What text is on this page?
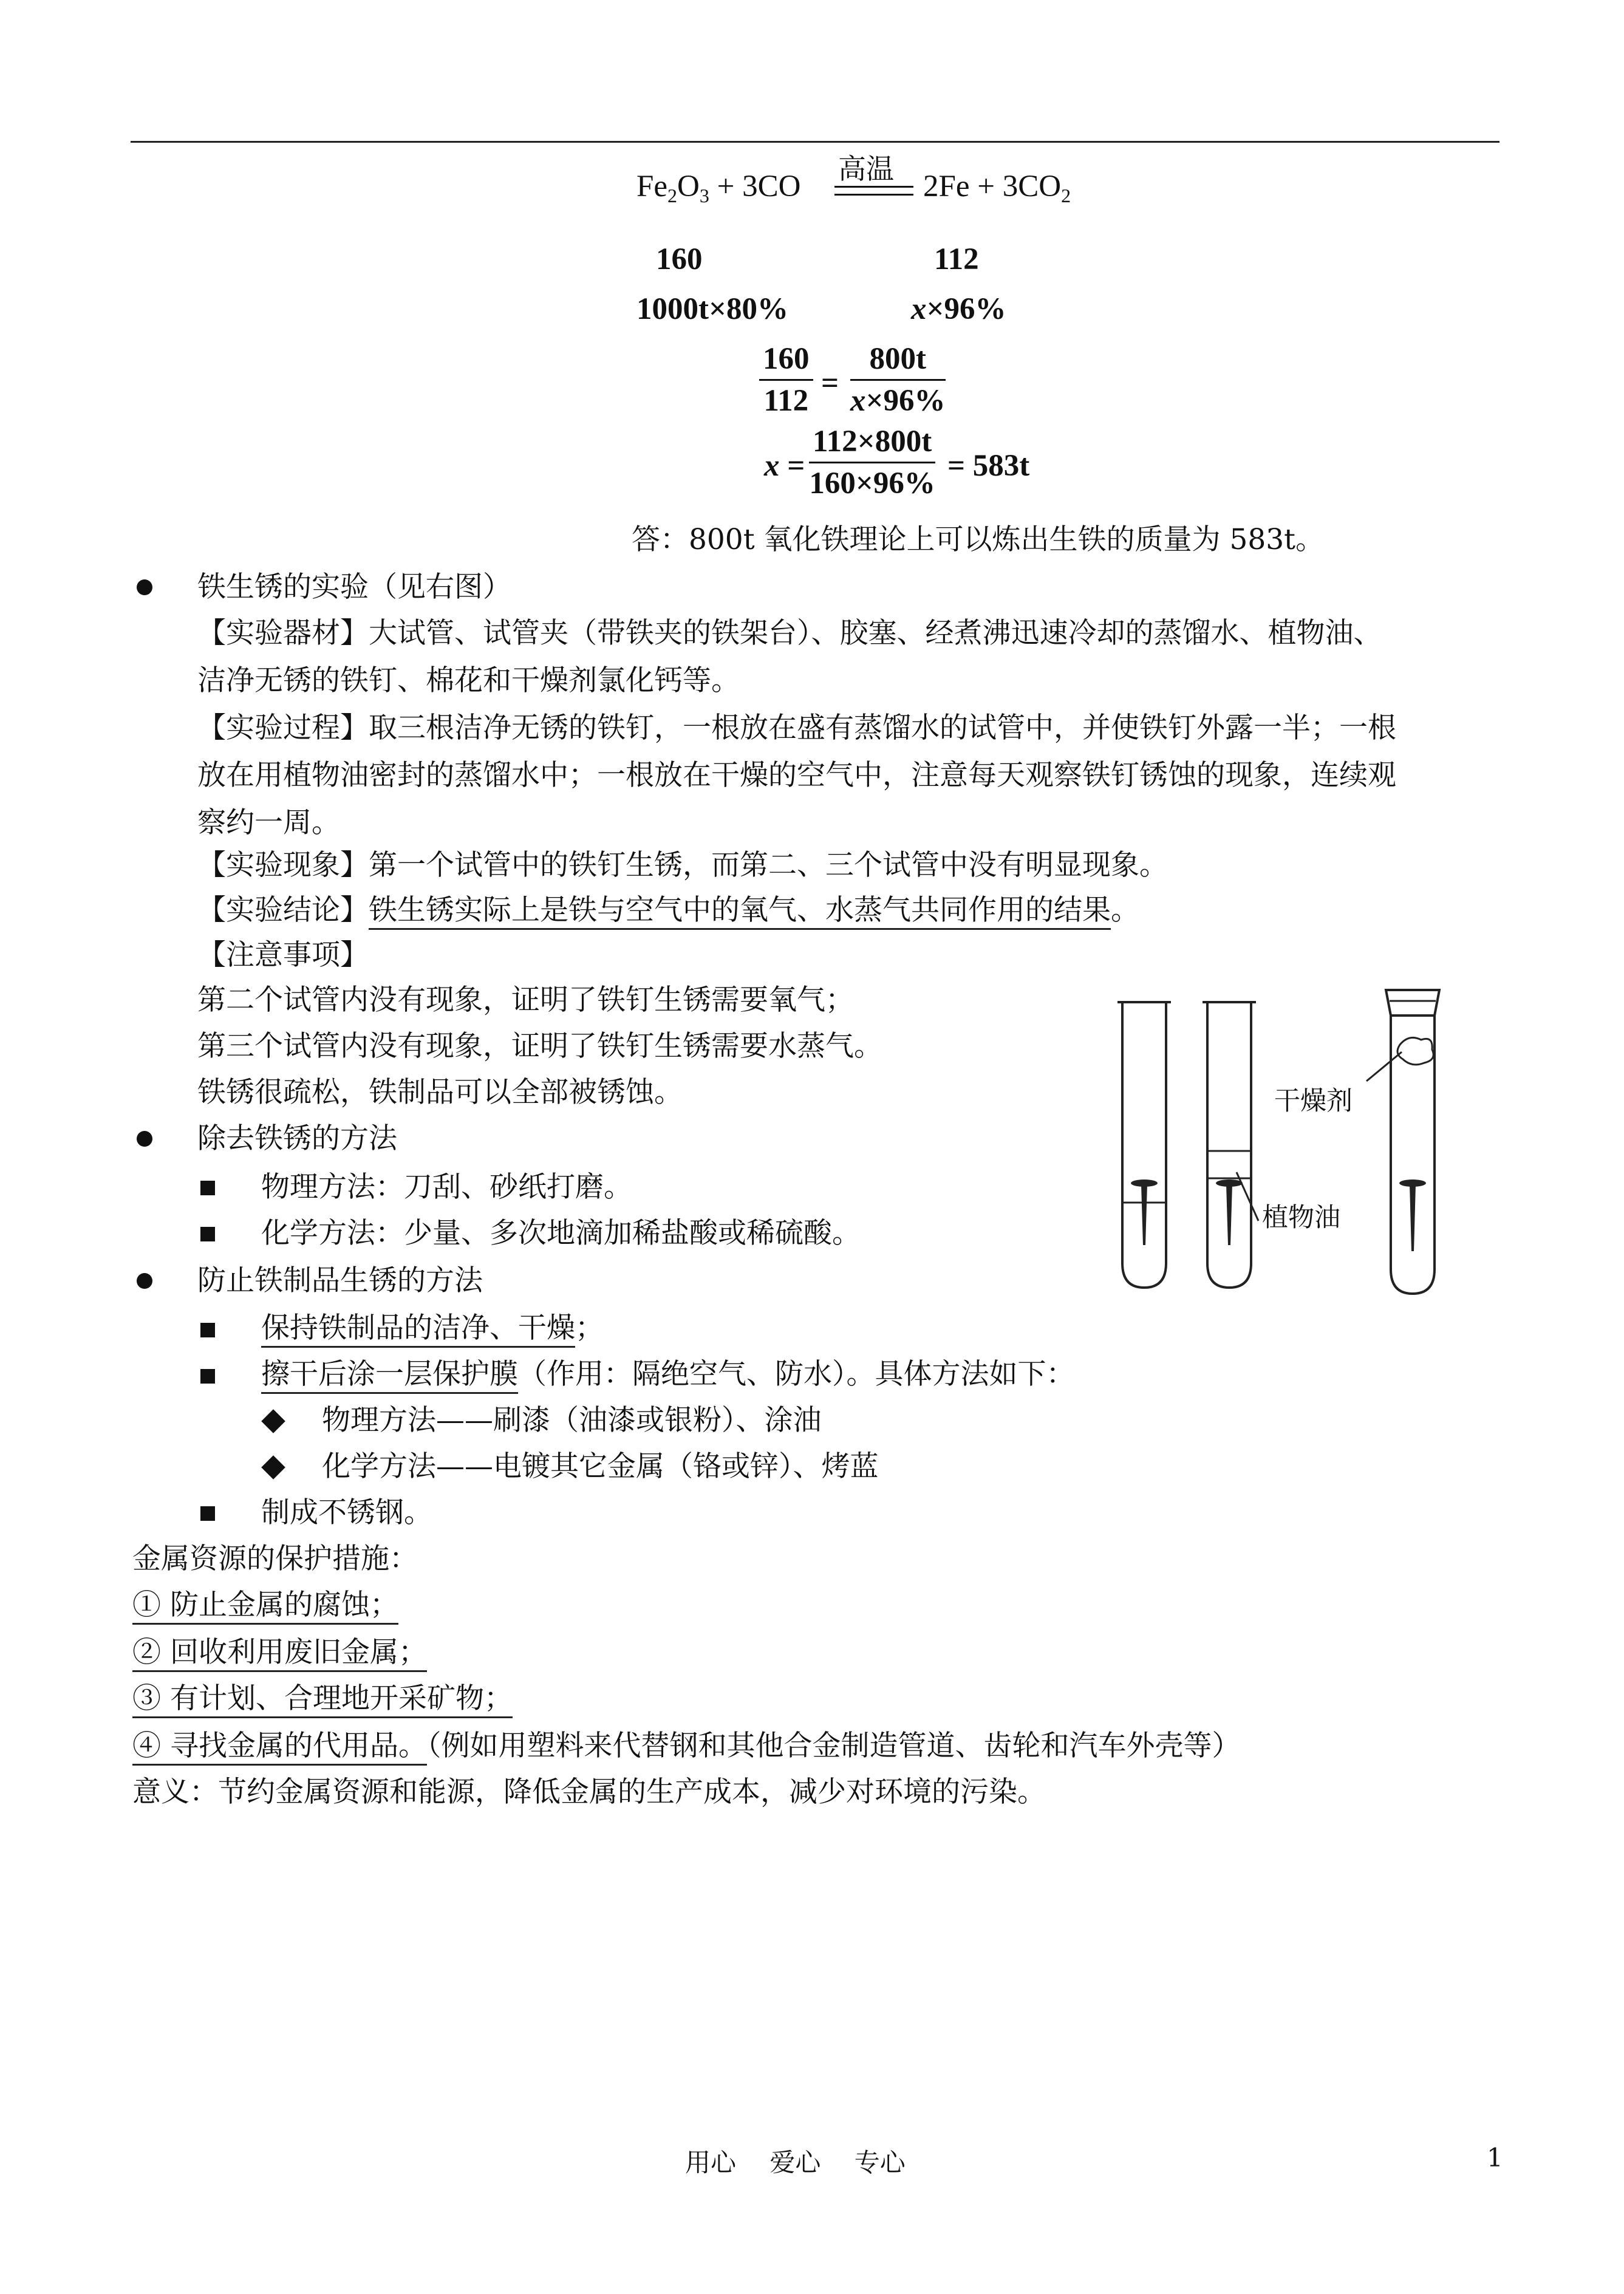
$Fe_2O_3 + 3CO$
高温
$2Fe + 3CO_2$
160	112
1000t×80%	x×96%
$\frac{160}{112} = \frac{800t}{x\times 96\%}$
$x = \frac{112\times 800t}{160\times 96\%} = 583t$
答：800t 氧化铁理论上可以炼出生铁的质量为 583t。
铁生锈的实验（见右图）
【实验器材】大试管、试管夹（带铁夹的铁架台）、胶塞、经煮沸迅速冷却的蒸馏水、植物油、
洁净无锈的铁钉、棉花和干燥剂氯化钙等。
【实验过程】取三根洁净无锈的铁钉，一根放在盛有蒸馏水的试管中，并使铁钉外露一半；一根
放在用植物油密封的蒸馏水中；一根放在干燥的空气中，注意每天观察铁钉锈蚀的现象，连续观
察约一周。
【实验现象】第一个试管中的铁钉生锈，而第二、三个试管中没有明显现象。
【实验结论】铁生锈实际上是铁与空气中的氧气、水蒸气共同作用的结果。
【注意事项】
第二个试管内没有现象，证明了铁钉生锈需要氧气；
第三个试管内没有现象，证明了铁钉生锈需要水蒸气。
铁锈很疏松，铁制品可以全部被锈蚀。	干燥剂
植物油
除去铁锈的方法
物理方法：刀刮、砂纸打磨。
化学方法：少量、多次地滴加稀盐酸或稀硫酸。
防止铁制品生锈的方法
保持铁制品的洁净、干燥；
擦干后涂一层保护膜（作用：隔绝空气、防水）。具体方法如下：
物理方法——刷漆（油漆或银粉）、涂油
化学方法——电镀其它金属（铬或锌）、烤蓝
制成不锈钢。
金属资源的保护措施：
① 防止金属的腐蚀；
② 回收利用废旧金属；
③ 有计划、合理地开采矿物；
④ 寻找金属的代用品。（例如用塑料来代替钢和其他合金制造管道、齿轮和汽车外壳等）
意义：节约金属资源和能源，降低金属的生产成本，减少对环境的污染。
用心　 爱心　 专心	1
